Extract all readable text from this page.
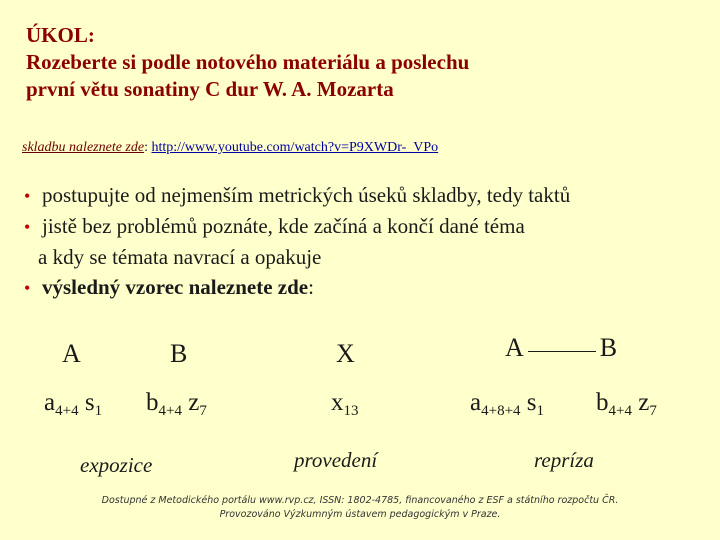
ÚKOL:
Rozeberte si podle notového materiálu a poslechu
první větu sonatiny C dur W. A. Mozarta
skladbu naleznete zde: http://www.youtube.com/watch?v=P9XWDr-_VPo
• postupujte od nejmenším metrických úseků skladby, tedy taktů
• jistě bez problémů poznáte, kde začíná a končí dané téma
a kdy se témata navrací a opakuje
• výsledný vzorec naleznete zde:
A	B	X	A	B
$a_{4+4}$ $s_1$ $b_{4+4}$ $z_7$	$x_{13}$	$a_{4+8+4}$ $s_1$ $b_{4+4}$ $z_7$
expozice	provedení	repríza
Dostupné z Metodického portálu www.rvp.cz, ISSN: 1802-4785, financovaného z ESF a státního rozpočtu ČR.
Provozováno Výzkumným ústavem pedagogickým v Praze.
